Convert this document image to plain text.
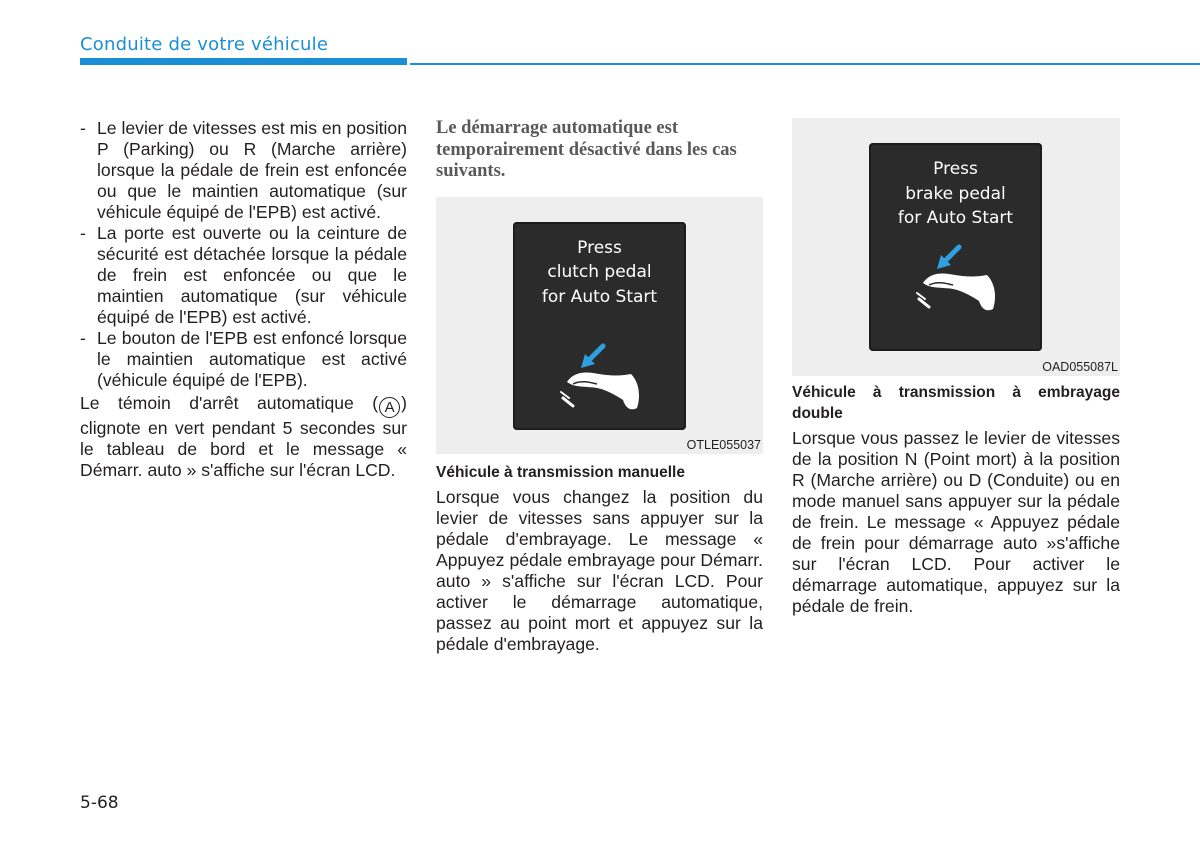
Conduite de votre véhicule
- Le levier de vitesses est mis en position P (Parking) ou R (Marche arrière) lorsque la pédale de frein est enfoncée ou que le maintien automatique (sur véhicule équipé de l'EPB) est activé.
- La porte est ouverte ou la ceinture de sécurité est détachée lorsque la pédale de frein est enfoncée ou que le maintien automatique (sur véhicule équipé de l'EPB) est activé.
- Le bouton de l'EPB est enfoncé lorsque le maintien automatique est activé (véhicule équipé de l'EPB).

Le témoin d'arrêt automatique ( A ) clignote en vert pendant 5 secondes sur le tableau de bord et le message « Démarr. auto » s'affiche sur l'écran LCD.

Le démarrage automatique est temporairement désactivé dans les cas suivants.
Press
clutch pedal
for Auto Start
OTLE055037

Véhicule à transmission manuelle

Lorsque vous changez la position du levier de vitesses sans appuyer sur la pédale d'embrayage. Le message « Appuyez pédale embrayage pour Démarr. auto » s'affiche sur l'écran LCD. Pour activer le démarrage automatique, passez au point mort et appuyez sur la pédale d'embrayage.

Press
brake pedal
for Auto Start
OAD055087L

Véhicule à transmission à embrayage double

Lorsque vous passez le levier de vitesses de la position N (Point mort) à la position R (Marche arrière) ou D (Conduite) ou en mode manuel sans appuyer sur la pédale de frein. Le message « Appuyez pédale de frein pour démarrage auto »s'affiche sur l'écran LCD. Pour activer le démarrage automatique, appuyez sur la pédale de frein.

5-68
